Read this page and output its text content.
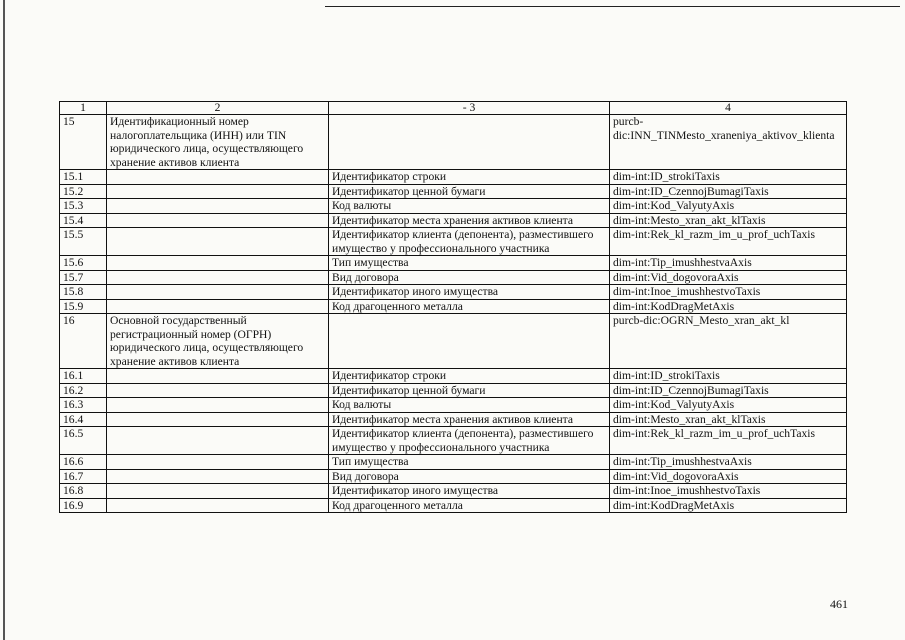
1	2	- 3	4
15	Идентификационный номер налогоплательщика (ИНН) или TIN юридического лица, осуществляющего хранение активов клиента		purcb-dic:INN_TINMesto_xraneniya_aktivov_klienta
15.1		Идентификатор строки	dim-int:ID_strokiTaxis
15.2		Идентификатор ценной бумаги	dim-int:ID_CzennojBumagiTaxis
15.3		Код валюты	dim-int:Kod_ValyutyAxis
15.4		Идентификатор места хранения активов клиента	dim-int:Mesto_xran_akt_klTaxis
15.5		Идентификатор клиента (депонента), разместившего имущество у профессионального участника	dim-int:Rek_kl_razm_im_u_prof_uchTaxis
15.6		Тип имущества	dim-int:Tip_imushhestvaAxis
15.7		Вид договора	dim-int:Vid_dogovoraAxis
15.8		Идентификатор иного имущества	dim-int:Inoe_imushhestvoTaxis
15.9		Код драгоценного металла	dim-int:KodDragMetAxis
16	Основной государственный регистрационный номер (ОГРН) юридического лица, осуществляющего хранение активов клиента		purcb-dic:OGRN_Mesto_xran_akt_kl
16.1		Идентификатор строки	dim-int:ID_strokiTaxis
16.2		Идентификатор ценной бумаги	dim-int:ID_CzennojBumagiTaxis
16.3		Код валюты	dim-int:Kod_ValyutyAxis
16.4		Идентификатор места хранения активов клиента	dim-int:Mesto_xran_akt_klTaxis
16.5		Идентификатор клиента (депонента), разместившего имущество у профессионального участника	dim-int:Rek_kl_razm_im_u_prof_uchTaxis
16.6		Тип имущества	dim-int:Tip_imushhestvaAxis
16.7		Вид договора	dim-int:Vid_dogovoraAxis
16.8		Идентификатор иного имущества	dim-int:Inoe_imushhestvoTaxis
16.9		Код драгоценного металла	dim-int:KodDragMetAxis
461
